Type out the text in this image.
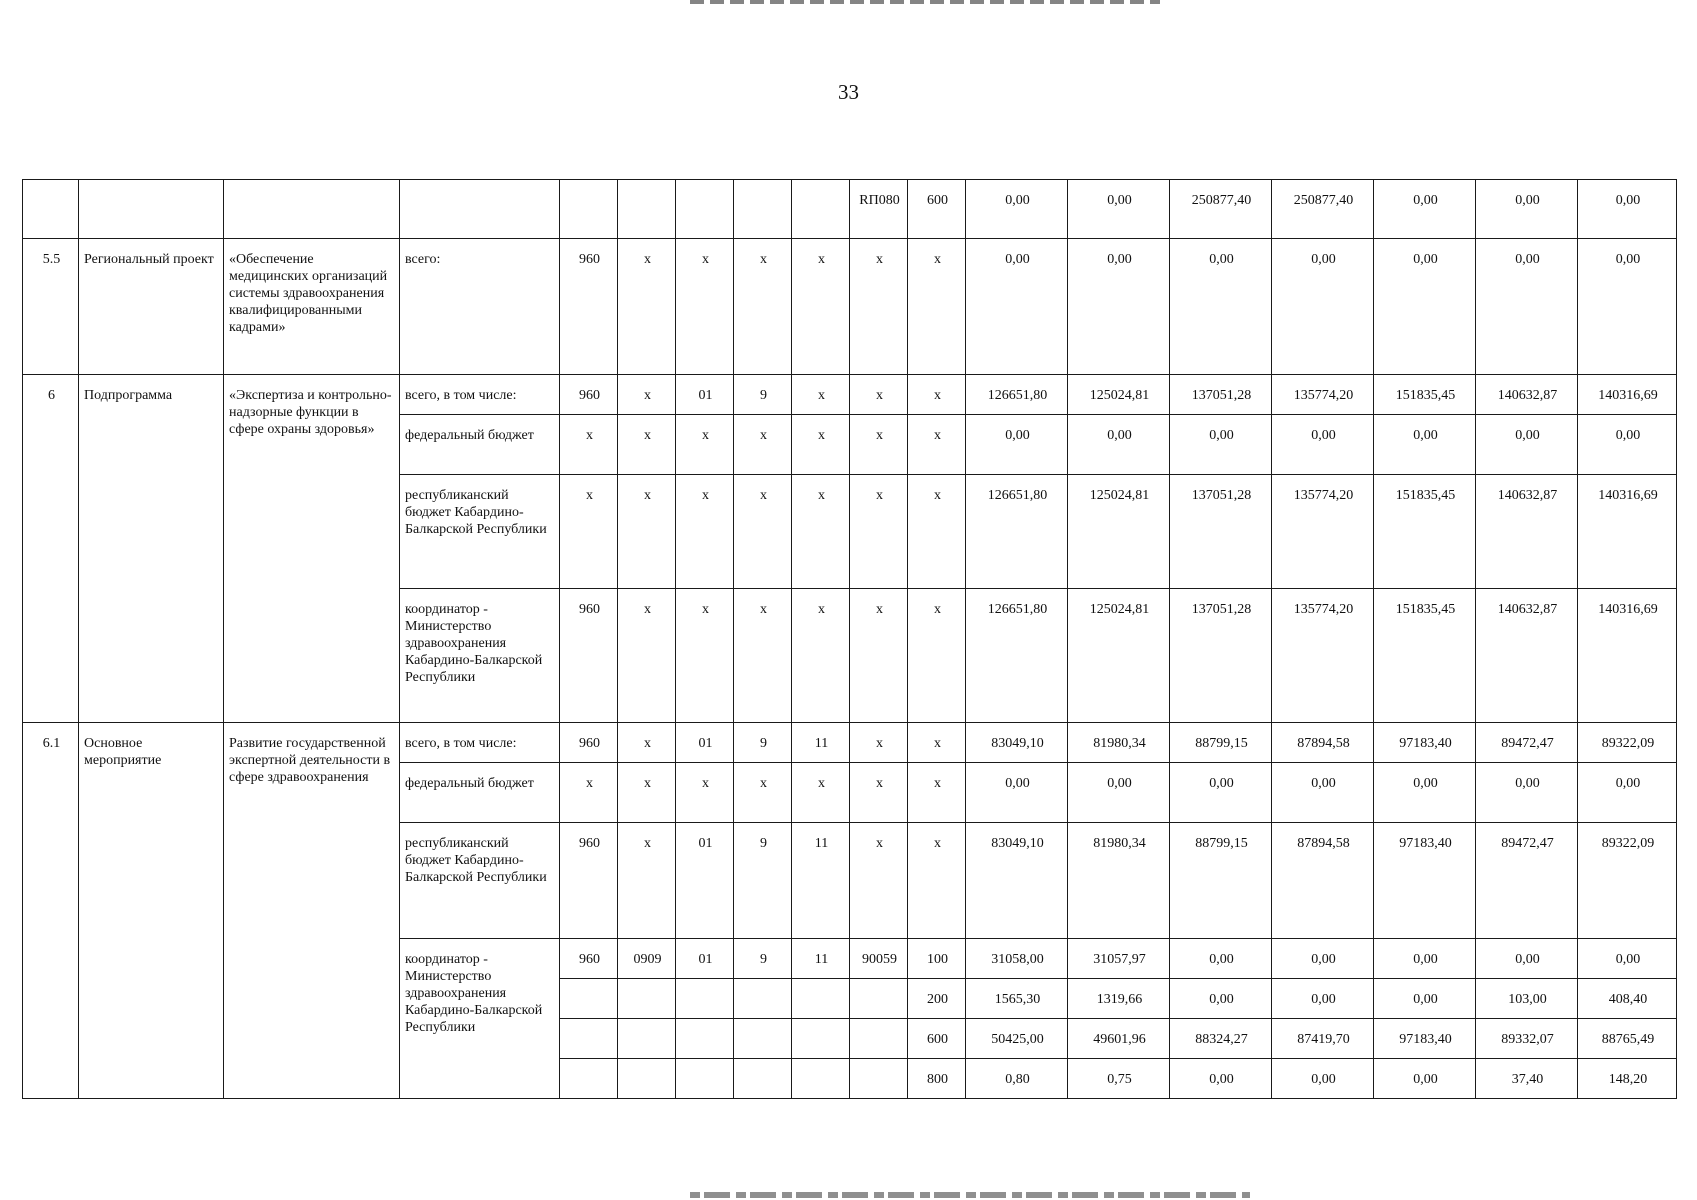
33
									RП080	600	0,00	0,00	250877,40	250877,40	0,00	0,00	0,00
5.5	Региональный проект	«Обеспечение медицинских организаций системы здравоохранения квалифицированными кадрами»	всего:	960	х	х	х	х	х	х	0,00	0,00	0,00	0,00	0,00	0,00	0,00
6	Подпрограмма	«Экспертиза и контрольно-надзорные функции в сфере охраны здоровья»	всего, в том числе:	960	х	01	9	х	х	х	126651,80	125024,81	137051,28	135774,20	151835,45	140632,87	140316,69
			федеральный бюджет	х	х	х	х	х	х	х	0,00	0,00	0,00	0,00	0,00	0,00	0,00
			республиканский бюджет Кабардино-Балкарской Республики	х	х	х	х	х	х	х	126651,80	125024,81	137051,28	135774,20	151835,45	140632,87	140316,69
			координатор - Министерство здравоохранения Кабардино-Балкарской Республики	960	х	х	х	х	х	х	126651,80	125024,81	137051,28	135774,20	151835,45	140632,87	140316,69
6.1	Основное мероприятие	Развитие государственной экспертной деятельности в сфере здравоохранения	всего, в том числе:	960	х	01	9	11	х	х	83049,10	81980,34	88799,15	87894,58	97183,40	89472,47	89322,09
			федеральный бюджет	х	х	х	х	х	х	х	0,00	0,00	0,00	0,00	0,00	0,00	0,00
			республиканский бюджет Кабардино-Балкарской Республики	960	х	01	9	11	х	х	83049,10	81980,34	88799,15	87894,58	97183,40	89472,47	89322,09
			координатор - Министерство здравоохранения Кабардино-Балкарской Республики	960	0909	01	9	11	90059	100	31058,00	31057,97	0,00	0,00	0,00	0,00	0,00
										200	1565,30	1319,66	0,00	0,00	0,00	103,00	408,40
										600	50425,00	49601,96	88324,27	87419,70	97183,40	89332,07	88765,49
										800	0,80	0,75	0,00	0,00	0,00	37,40	148,20
